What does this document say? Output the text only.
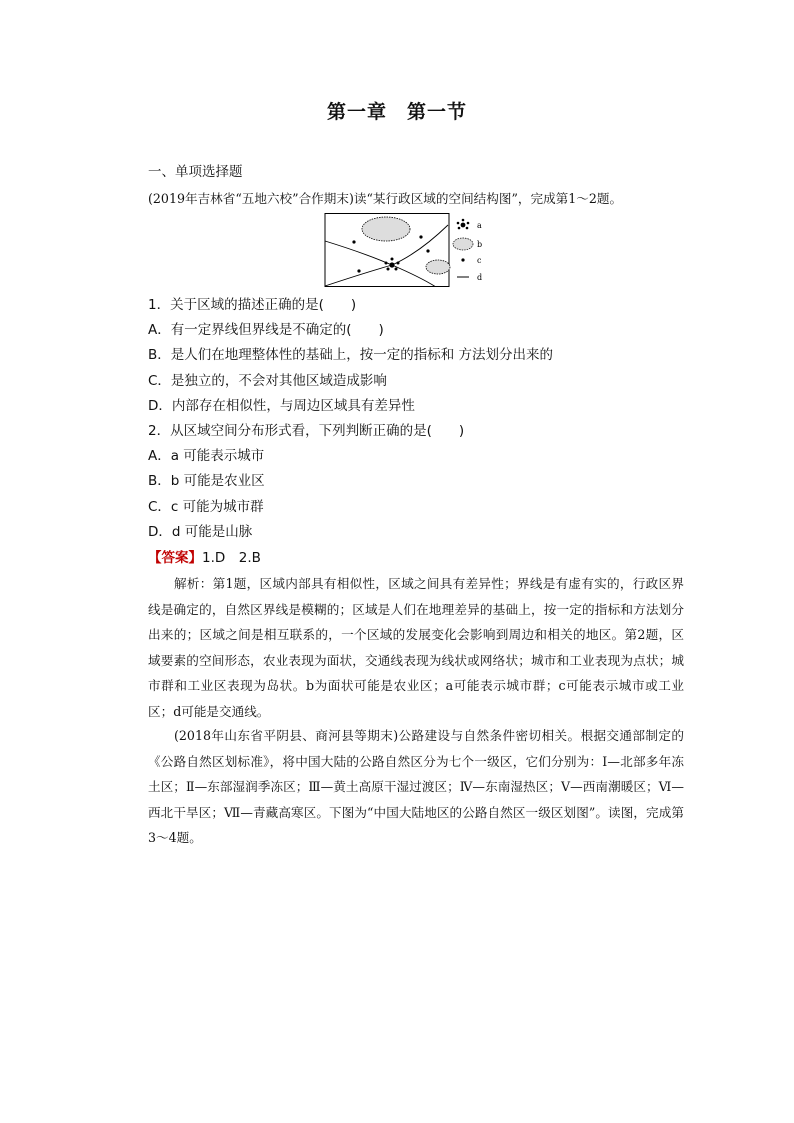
第一章　第一节
一、单项选择题
(2019年吉林省“五地六校”合作期末)读“某行政区域的空间结构图”，完成第1～2题。
a
b
c
d
1．关于区域的描述正确的是(　　)
A．有一定界线但界线是不确定的(　　)
B．是人们在地理整体性的基础上，按一定的指标和 方法划分出来的
C．是独立的，不会对其他区域造成影响
D．内部存在相似性，与周边区域具有差异性
2．从区域空间分布形式看，下列判断正确的是(　　)
A．a 可能表示城市
B．b 可能是农业区
C．c 可能为城市群
D．d 可能是山脉
【答案】1.D　2.B
解析：第1题，区域内部具有相似性，区域之间具有差异性；界线是有虚有实的，行政区界线是确定的，自然区界线是模糊的；区域是人们在地理差异的基础上，按一定的指标和方法划分出来的；区域之间是相互联系的，一个区域的发展变化会影响到周边和相关的地区。第2题，区域要素的空间形态，农业表现为面状，交通线表现为线状或网络状；城市和工业表现为点状；城市群和工业区表现为岛状。b为面状可能是农业区；a可能表示城市群；c可能表示城市或工业区；d可能是交通线。
(2018年山东省平阴县、商河县等期末)公路建设与自然条件密切相关。根据交通部制定的《公路自然区划标准》，将中国大陆的公路自然区分为七个一级区，它们分别为：Ⅰ—北部多年冻土区；Ⅱ—东部湿润季冻区；Ⅲ—黄土高原干湿过渡区；Ⅳ—东南湿热区；Ⅴ—西南潮暖区；Ⅵ—西北干旱区；Ⅶ—青藏高寒区。下图为“中国大陆地区的公路自然区一级区划图”。读图，完成第3～4题。
